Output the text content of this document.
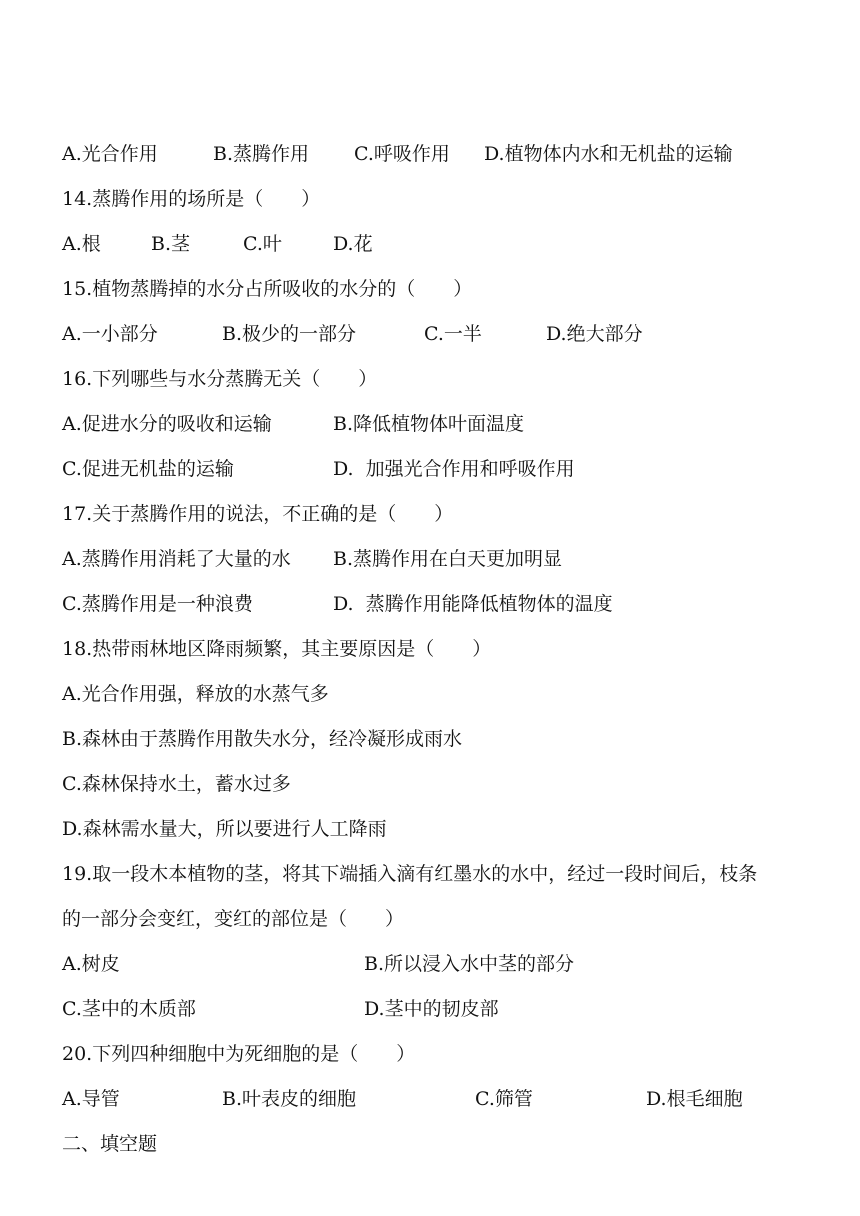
A.光合作用	B.蒸腾作用 C.呼吸作用 D.植物体内水和无机盐的运输
14.蒸腾作用的场所是（　　）
A.根	B.茎	C.叶	D.花
15.植物蒸腾掉的水分占所吸收的水分的（　　）
A.一小部分	B.极少的一部分	C.一半	D.绝大部分
16.下列哪些与水分蒸腾无关（　　）
A.促进水分的吸收和运输	B.降低植物体叶面温度
C.促进无机盐的运输	D.  加强光合作用和呼吸作用
17.关于蒸腾作用的说法，不正确的是（　　）
A.蒸腾作用消耗了大量的水 B.蒸腾作用在白天更加明显
C.蒸腾作用是一种浪费	D.  蒸腾作用能降低植物体的温度
18.热带雨林地区降雨频繁，其主要原因是（　　）
A.光合作用强，释放的水蒸气多
B.森林由于蒸腾作用散失水分，经冷凝形成雨水
C.森林保持水土，蓄水过多
D.森林需水量大，所以要进行人工降雨
19.取一段木本植物的茎，将其下端插入滴有红墨水的水中，经过一段时间后，枝条
的一部分会变红，变红的部位是（　　）
A.树皮	B.所以浸入水中茎的部分
C.茎中的木质部	D.茎中的韧皮部
20.下列四种细胞中为死细胞的是（　　）
A.导管	B.叶表皮的细胞	C.筛管	D.根毛细胞
二、填空题
